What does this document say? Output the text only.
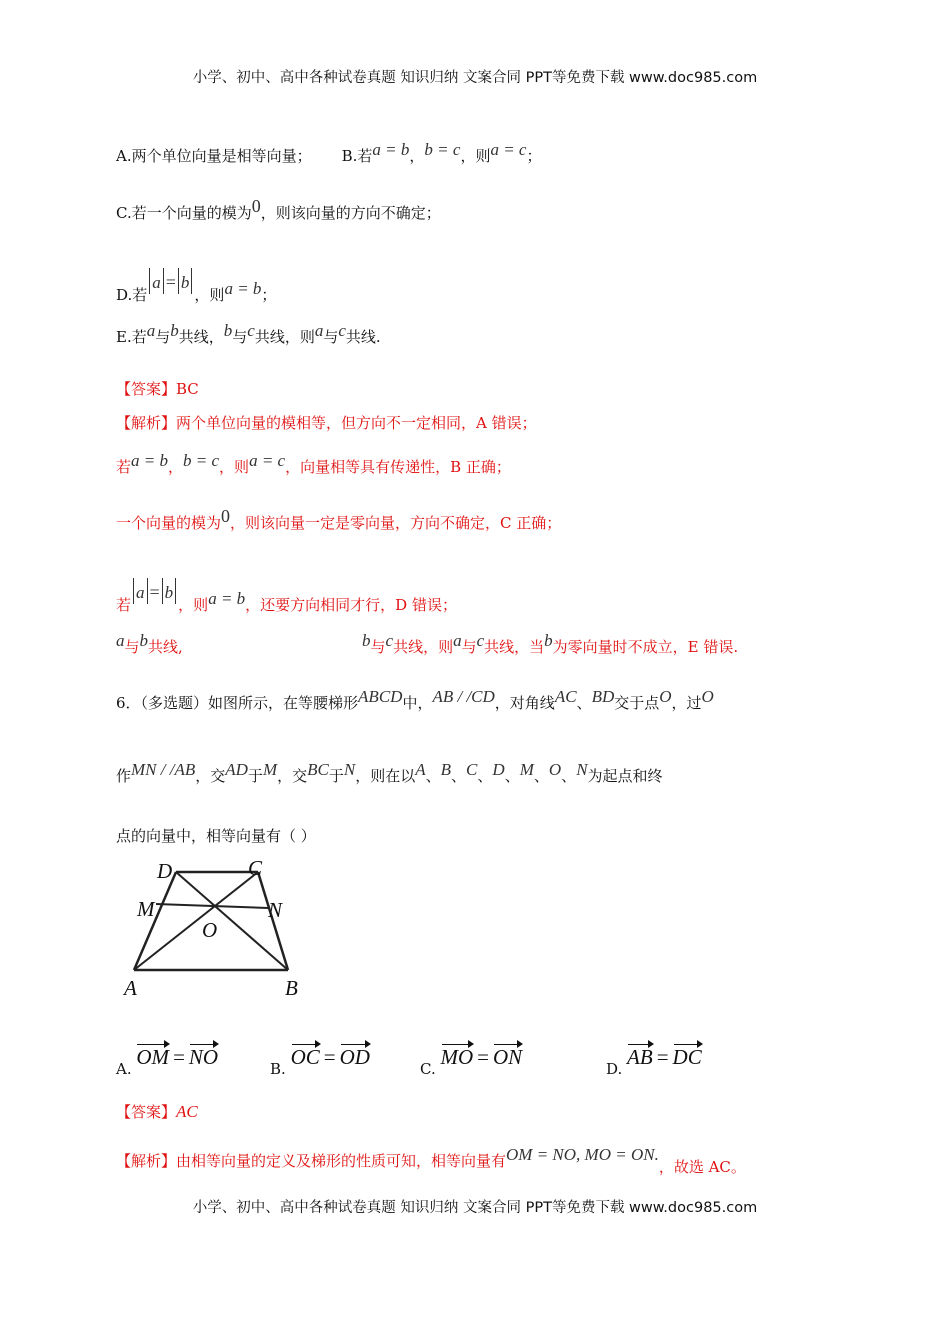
小学、初中、高中各种试卷真题 知识归纳 文案合同 PPT等免费下载 www.doc985.com
A.两个单位向量是相等向量； B.若a = b，b = c，则a = c；
C.若一个向量的模为0，则该向量的方向不确定；
D.若a = b，则a = b；
E.若a与b共线，b与c共线，则a与c共线.
【答案】BC
【解析】两个单位向量的模相等，但方向不一定相同，A 错误；
若a = b，b = c，则a = c，向量相等具有传递性，B 正确；
一个向量的模为0，则该向量一定是零向量，方向不确定，C 正确；
若a = b，则a = b，还要方向相同才行，D 错误；
a与b共线,	b与c共线，则a与c共线，当b为零向量时不成立，E 错误.
6．（多选题）如图所示，在等腰梯形ABCD中，AB / /CD，对角线AC、BD交于点O，过O
作MN / /AB，交AD于M，交BC于N，则在以A、B、C、D、M、O、N为起点和终
点的向量中，相等向量有（ ）
D	C
M	N
O
A	B
A. OM = NO	B. OC = OD	C. MO = ON	D. AB = DC
【答案】AC
【解析】由相等向量的定义及梯形的性质可知，相等向量有OM = NO, MO = ON.，故选 AC。
小学、初中、高中各种试卷真题 知识归纳 文案合同 PPT等免费下载 www.doc985.com
